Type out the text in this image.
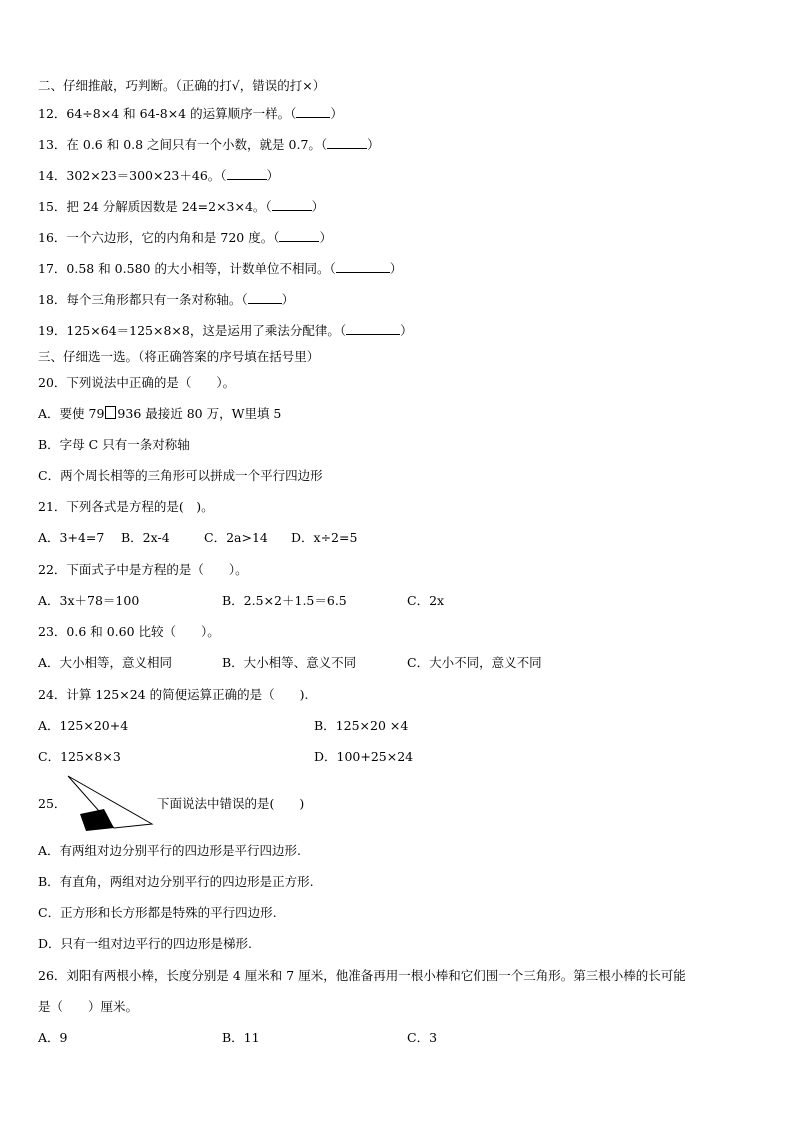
二、仔细推敲，巧判断。（正确的打√，错误的打×）
12．64÷8×4 和 64-8×4 的运算顺序一样。（	）
13．在 0.6 和 0.8 之间只有一个小数，就是 0.7。（	）
14．302×23＝300×23＋46。（	）
15．把 24 分解质因数是 24=2×3×4。（	）
16．一个六边形，它的内角和是 720 度。（	）
17．0.58 和 0.580 的大小相等，计数单位不相同。（	）
18．每个三角形都只有一条对称轴。（	）
19．125×64＝125×8×8，这是运用了乘法分配律。（	）
三、仔细选一选。（将正确答案的序号填在括号里）
20．下列说法中正确的是（　　）。
A．要使 79 936 最接近 80 万，W里填 5
B．字母 C 只有一条对称轴
C．两个周长相等的三角形可以拼成一个平行四边形
21．下列各式是方程的是(　)。
A．3+4=7 B．2x-4	C．2a>14 D．x÷2=5
22．下面式子中是方程的是（　　）。
A．3x＋78＝100	B．2.5×2＋1.5＝6.5	C．2x
23．0.6 和 0.60 比较（　　）。
A．大小相等，意义相同	B．大小相等、意义不同	C．大小不同，意义不同
24．计算 125×24 的简便运算正确的是（　　).
A．125×20+4	B．125×20 ×4
C．125×8×3	D．100+25×24
25．	下面说法中错误的是(　　)
A．有两组对边分别平行的四边形是平行四边形.
B．有直角，两组对边分别平行的四边形是正方形.
C．正方形和长方形都是特殊的平行四边形.
D．只有一组对边平行的四边形是梯形.
26．刘阳有两根小棒，长度分别是 4 厘米和 7 厘米，他准备再用一根小棒和它们围一个三角形。第三根小棒的长可能
是（　　）厘米。
A．9	B．11	C．3
